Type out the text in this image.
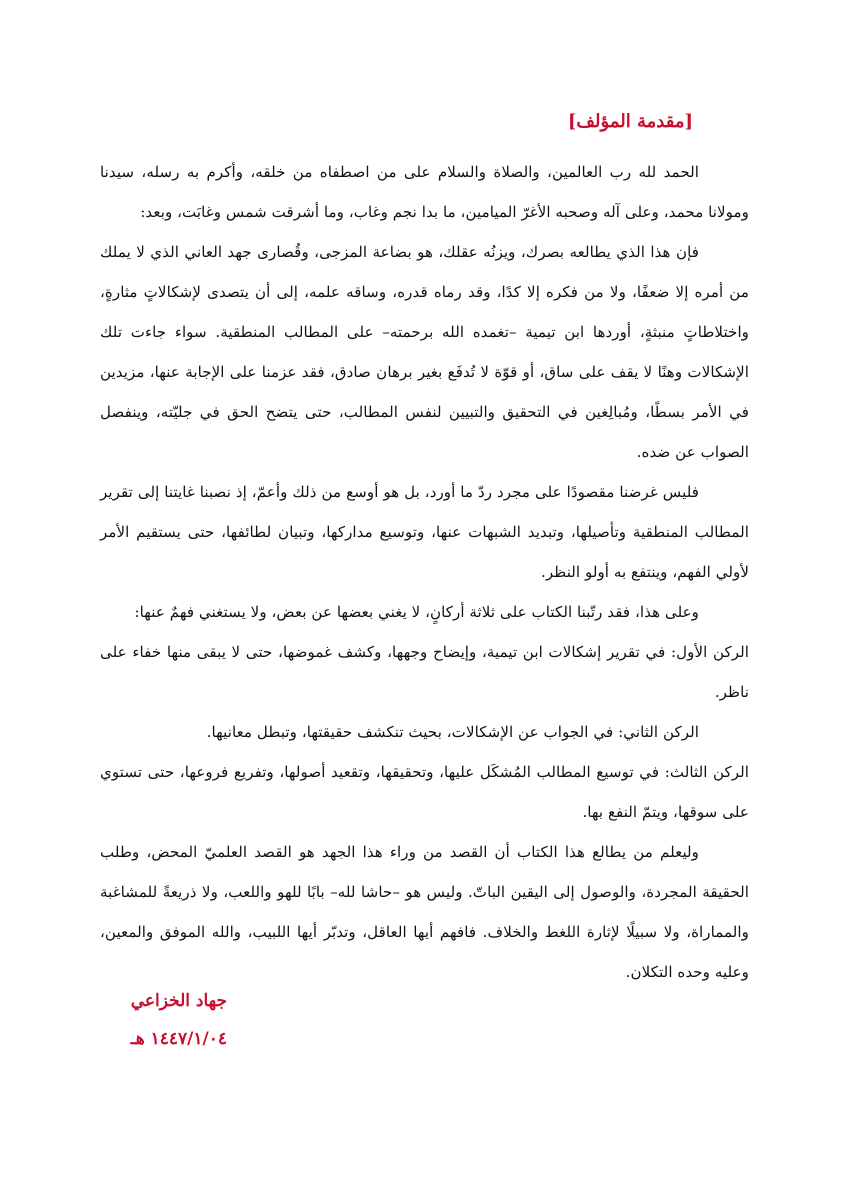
[مقدمة المؤلف]

الحمد لله رب العالمين، والصلاة والسلام على من اصطفاه من خلقه، وأكرم به رسله، سيدنا ومولانا محمد، وعلى آله وصحبه الأغرّ الميامين، ما بدا نجم وغاب، وما أشرقت شمس وغابَت، وبعد:

فإن هذا الذي يطالعه بصرك، ويزنُه عقلك، هو بضاعة المزجى، وقُصارى جهد العاني الذي لا يملك من أمره إلا ضعفًا، ولا من فكره إلا كدًا، وقد رماه قدره، وساقه علمه، إلى أن يتصدى لإشكالاتٍ مثارةٍ، واختلاطاتٍ منبثةٍ، أوردها ابن تيمية –تغمده الله برحمته– على المطالب المنطقية. سواء جاءت تلك الإشكالات وهنًا لا يقف على ساق، أو قوّة لا تُدفَع بغير برهان صادق، فقد عزمنا على الإجابة عنها، مزيدين في الأمر بسطًا، ومُبالِغين في التحقيق والتبيين لنفس المطالب، حتى يتضح الحق في جليّته، وينفصل الصواب عن ضده.

فليس غرضنا مقصودًا على مجرد ردّ ما أورد، بل هو أوسع من ذلك وأعمّ، إذ نصبنا غايتنا إلى تقرير المطالب المنطقية وتأصيلها، وتبديد الشبهات عنها، وتوسيع مداركها، وتبيان لطائفها، حتى يستقيم الأمر لأولي الفهم، وينتفع به أولو النظر.

وعلى هذا، فقد رتّبنا الكتاب على ثلاثة أركانٍ، لا يغني بعضها عن بعض، ولا يستغني فهمٌ عنها:

الركن الأول: في تقرير إشكالات ابن تيمية، وإيضاح وجهها، وكشف غموضها، حتى لا يبقى منها خفاء على ناظر.

الركن الثاني: في الجواب عن الإشكالات، بحيث تنكشف حقيقتها، وتبطل معانيها.

الركن الثالث: في توسيع المطالب المُشكَل عليها، وتحقيقها، وتقعيد أصولها، وتفريع فروعها، حتى تستوي على سوقها، ويتمّ النفع بها.

وليعلم من يطالع هذا الكتاب أن القصد من وراء هذا الجهد هو القصد العلميّ المحض، وطلب الحقيقة المجردة، والوصول إلى اليقين الباتّ. وليس هو –حاشا لله– بابًا للهو واللعب، ولا ذريعةً للمشاغبة والمماراة، ولا سبيلًا لإثارة اللغط والخلاف. فافهم أيها العاقل، وتدبّر أيها اللبيب، والله الموفق والمعين، وعليه وحده التكلان.

جهاد الخزاعي
١٤٤٧/١/٠٤ هـ
